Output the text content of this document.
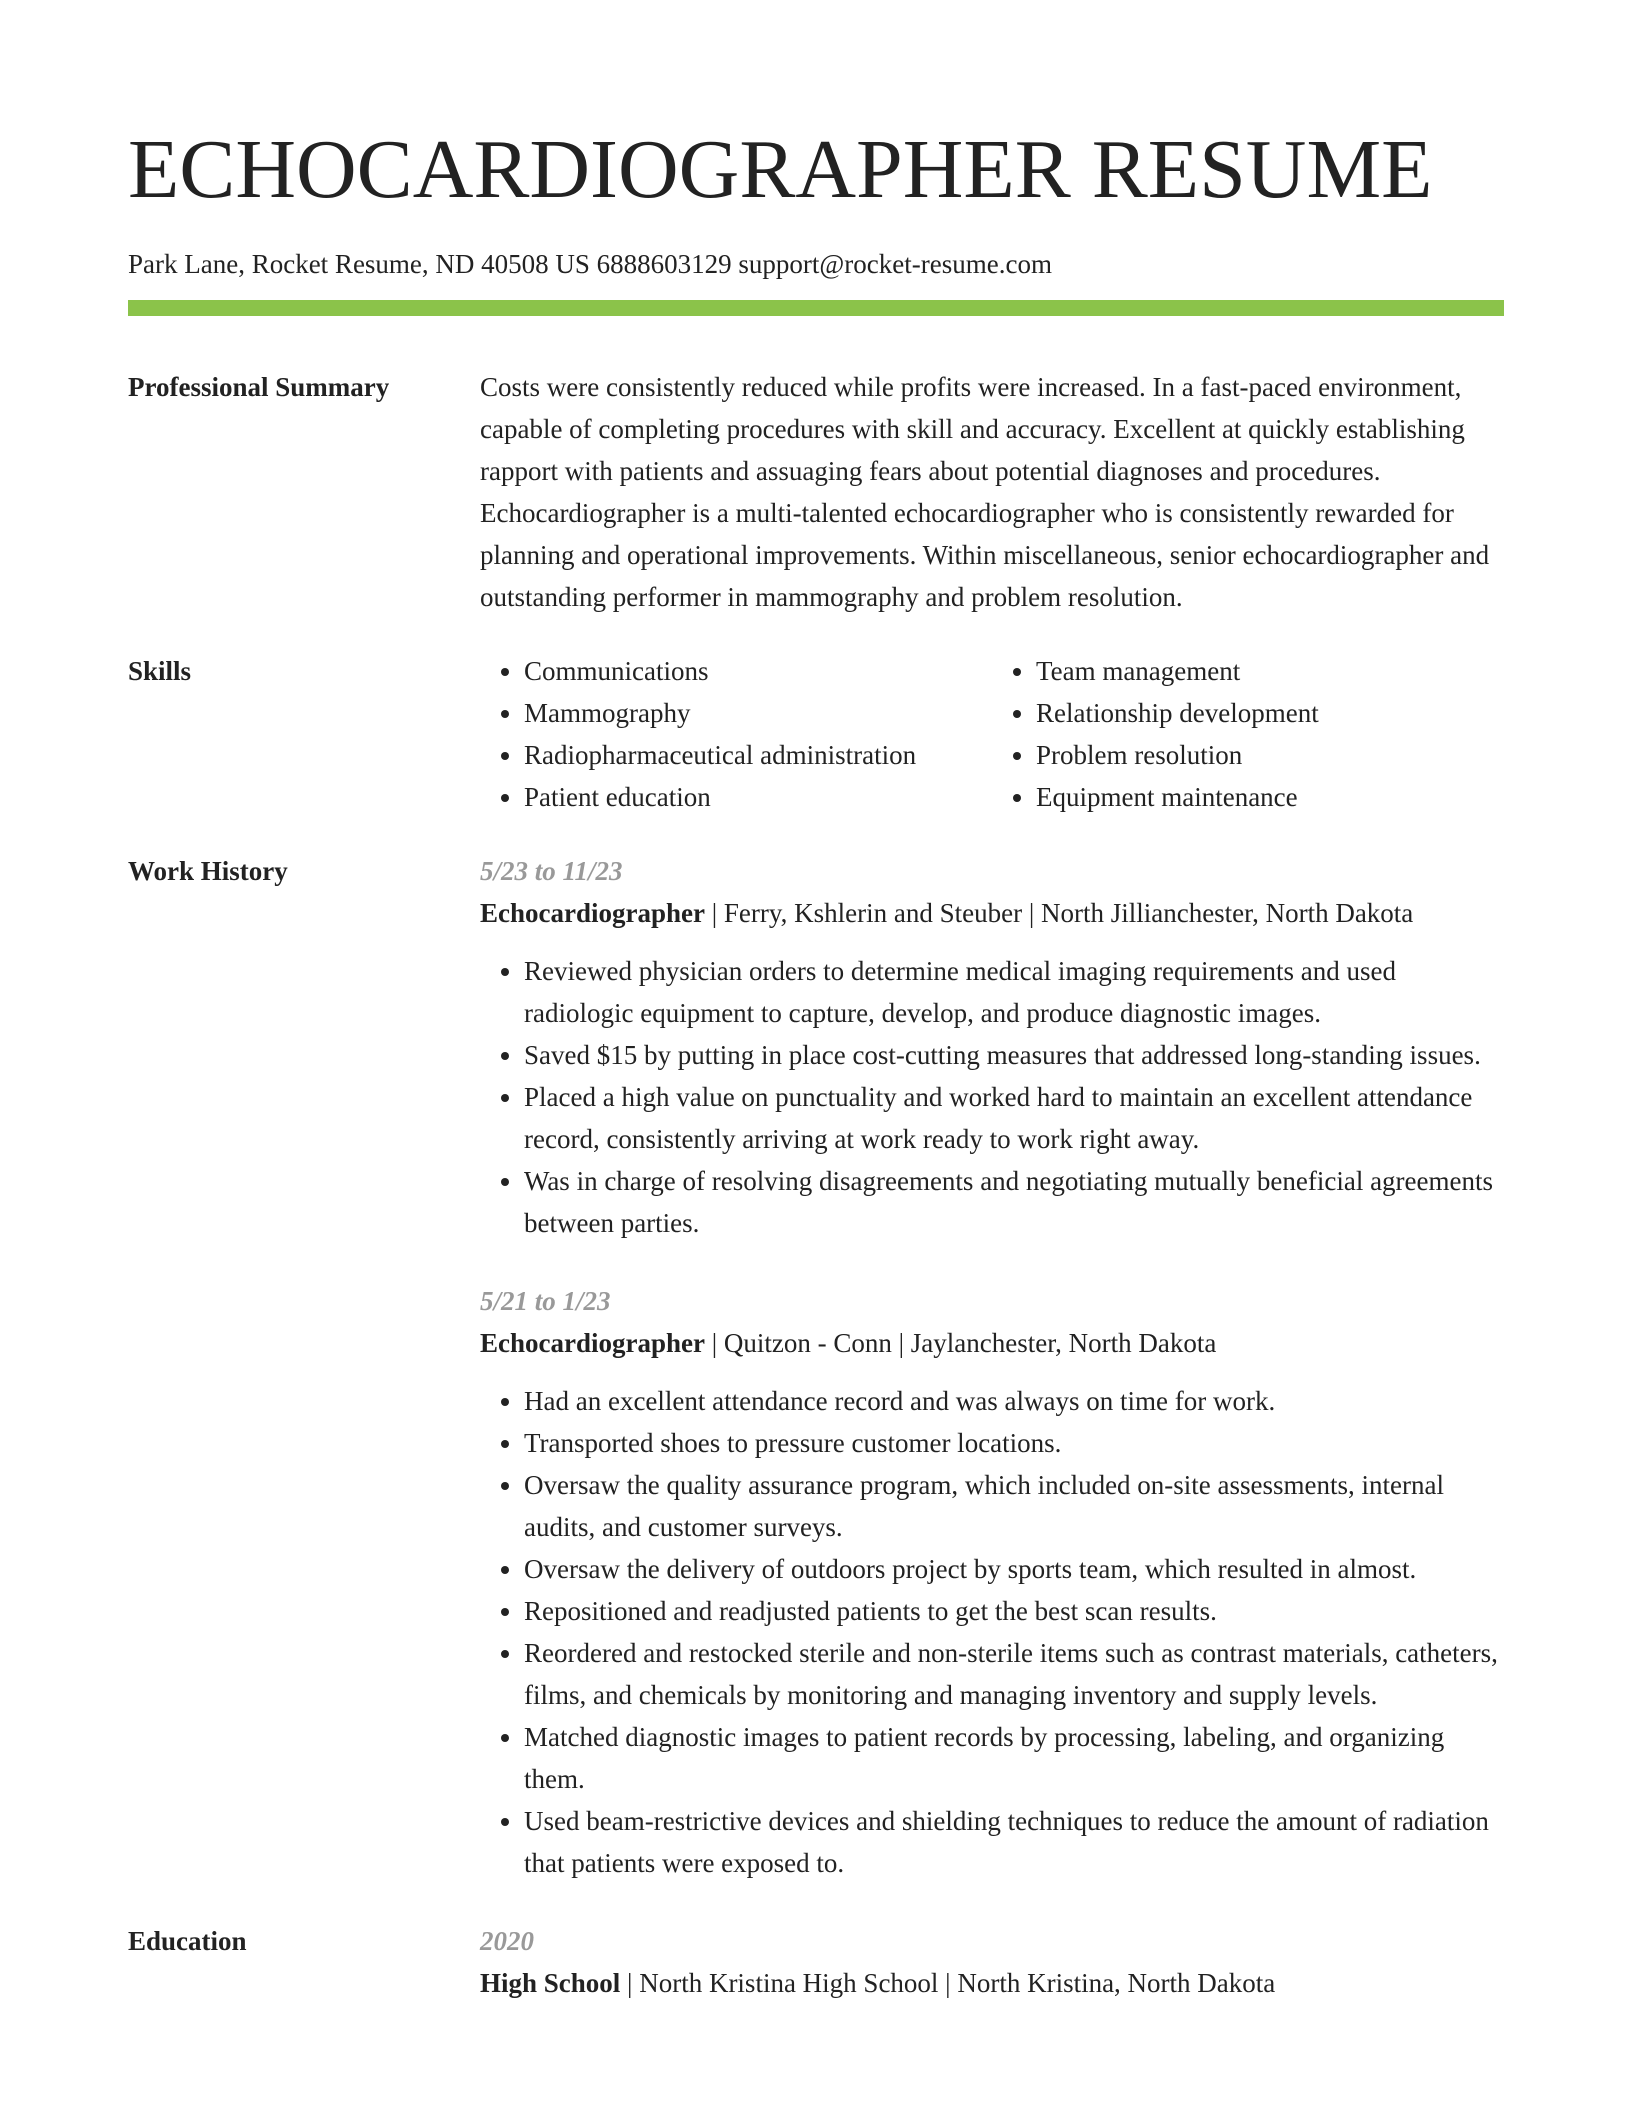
ECHOCARDIOGRAPHER RESUME
Park Lane, Rocket Resume, ND 40508 US 6888603129 support@rocket-resume.com
Professional Summary	Costs were consistently reduced while profits were increased. In a fast-paced environment, capable of completing procedures with skill and accuracy. Excellent at quickly establishing rapport with patients and assuaging fears about potential diagnoses and procedures. Echocardiographer is a multi-talented echocardiographer who is consistently rewarded for planning and operational improvements. Within miscellaneous, senior echocardiographer and outstanding performer in mammography and problem resolution.
Skills
•	Communications
• Mammography
• Radiopharmaceutical administration
• Patient education
• Team management
• Relationship development
• Problem resolution
• Equipment maintenance
Work History	5/23 to 11/23
Echocardiographer | Ferry, Kshlerin and Steuber | North Jillianchester, North Dakota
• Reviewed physician orders to determine medical imaging requirements and used radiologic equipment to capture, develop, and produce diagnostic images.
• Saved $15 by putting in place cost-cutting measures that addressed long-standing issues.
• Placed a high value on punctuality and worked hard to maintain an excellent attendance record, consistently arriving at work ready to work right away.
• Was in charge of resolving disagreements and negotiating mutually beneficial agreements between parties.
5/21 to 1/23
Echocardiographer | Quitzon - Conn | Jaylanchester, North Dakota
• Had an excellent attendance record and was always on time for work.
• Transported shoes to pressure customer locations.
• Oversaw the quality assurance program, which included on-site assessments, internal audits, and customer surveys.
• Oversaw the delivery of outdoors project by sports team, which resulted in almost.
• Repositioned and readjusted patients to get the best scan results.
• Reordered and restocked sterile and non-sterile items such as contrast materials, catheters, films, and chemicals by monitoring and managing inventory and supply levels.
• Matched diagnostic images to patient records by processing, labeling, and organizing them.
• Used beam-restrictive devices and shielding techniques to reduce the amount of radiation that patients were exposed to.
Education	2020
High School | North Kristina High School | North Kristina, North Dakota
